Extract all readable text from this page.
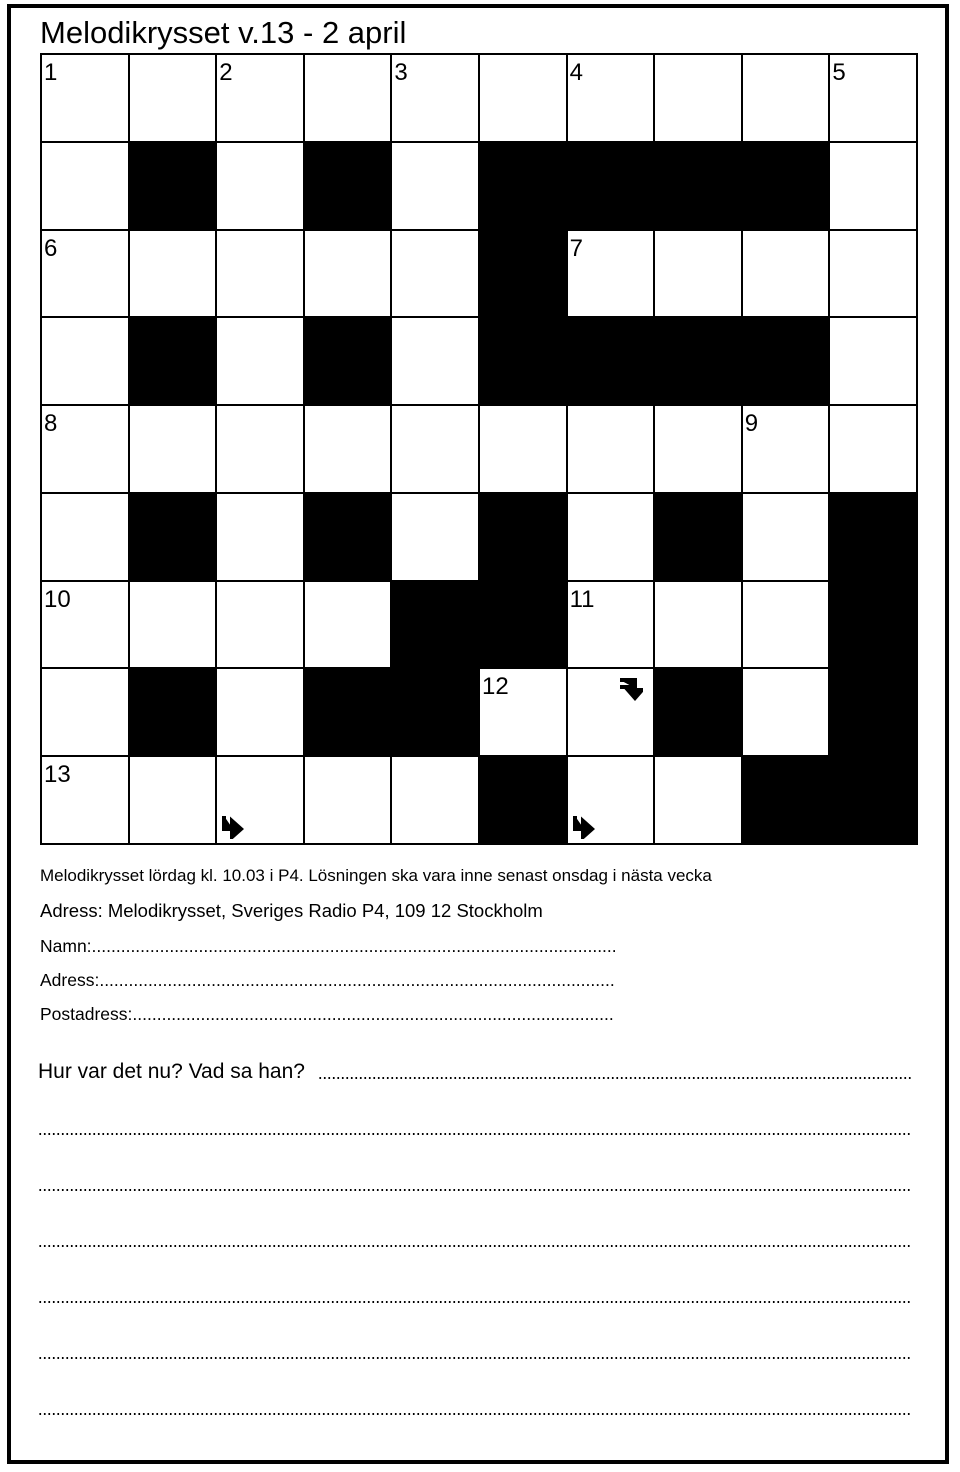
Melodikrysset v.13 - 2 april
1	2	3	4	5
6	7
8	9
10	11
12
13
Melodikrysset lördag kl. 10.03 i P4. Lösningen ska vara inne senast onsdag i nästa vecka
Adress: Melodikrysset, Sveriges Radio P4, 109 12 Stockholm
Namn:............................................................................................................
Adress:..........................................................................................................
Postadress:...................................................................................................
Hur var det nu? Vad sa han?
